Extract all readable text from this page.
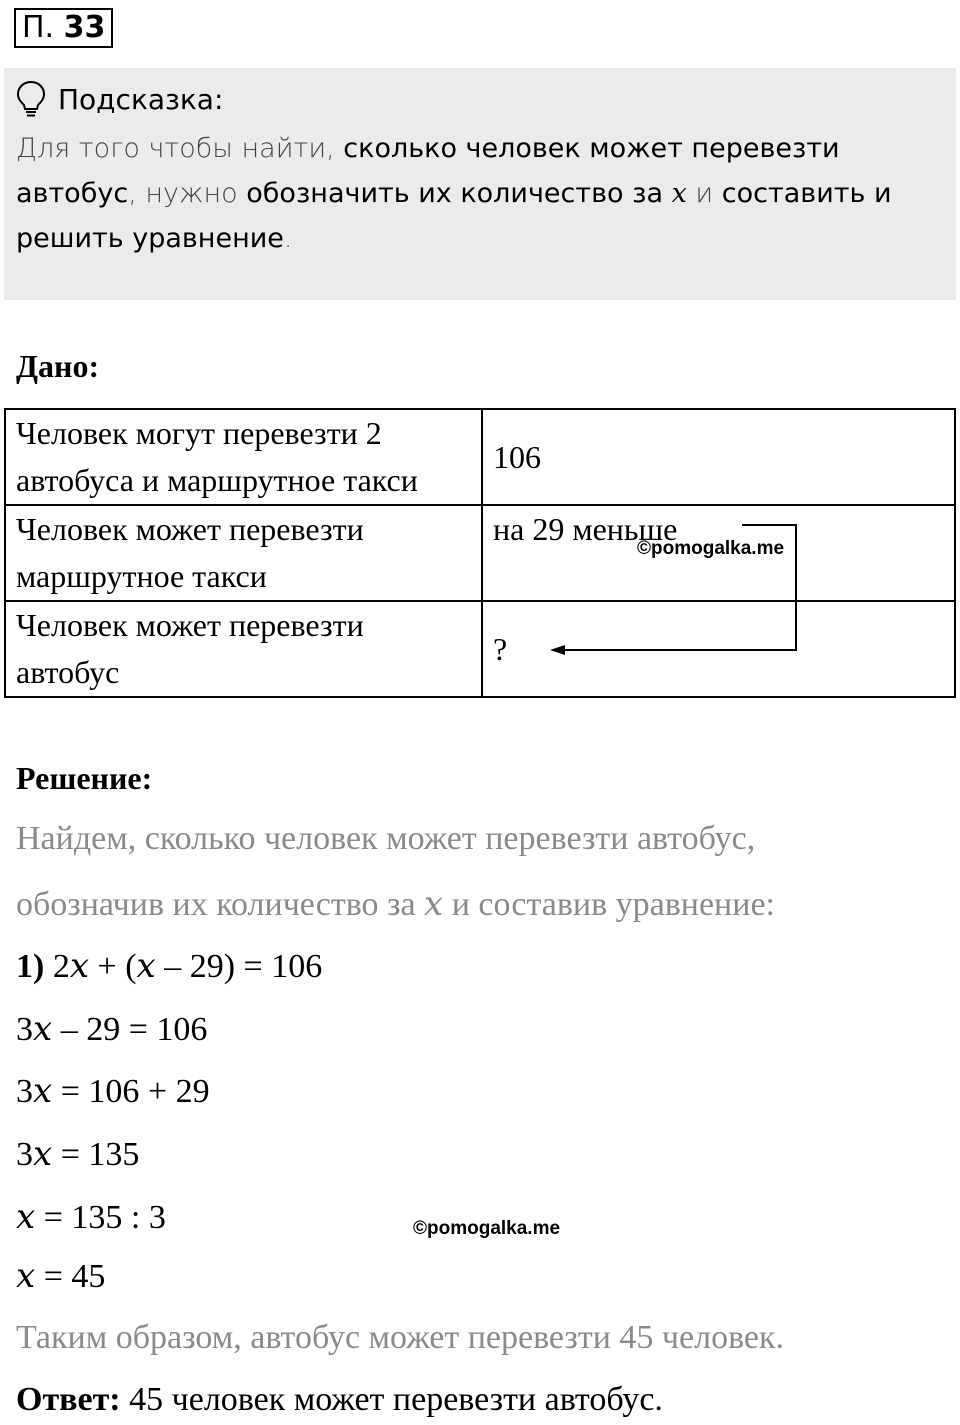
П. 33
Подсказка:
Для того чтобы найти, сколько человек может перевезти автобус, нужно обозначить их количество за x и составить и решить уравнение.
Дано:
Человек могут перевезти 2 автобуса и маршрутное такси	106
Человек может перевезти маршрутное такси	на 29 меньше
Человек может перевезти автобус	?
©pomogalka.me
Решение:
Найдем, сколько человек может перевезти автобус,
обозначив их количество за x и составив уравнение:
1) 2x + (x – 29) = 106
3x – 29 = 106
3x = 106 + 29
3x = 135
x = 135 : 3
x = 45
©pomogalka.me
Таким образом, автобус может перевезти 45 человек.
Ответ: 45 человек может перевезти автобус.
